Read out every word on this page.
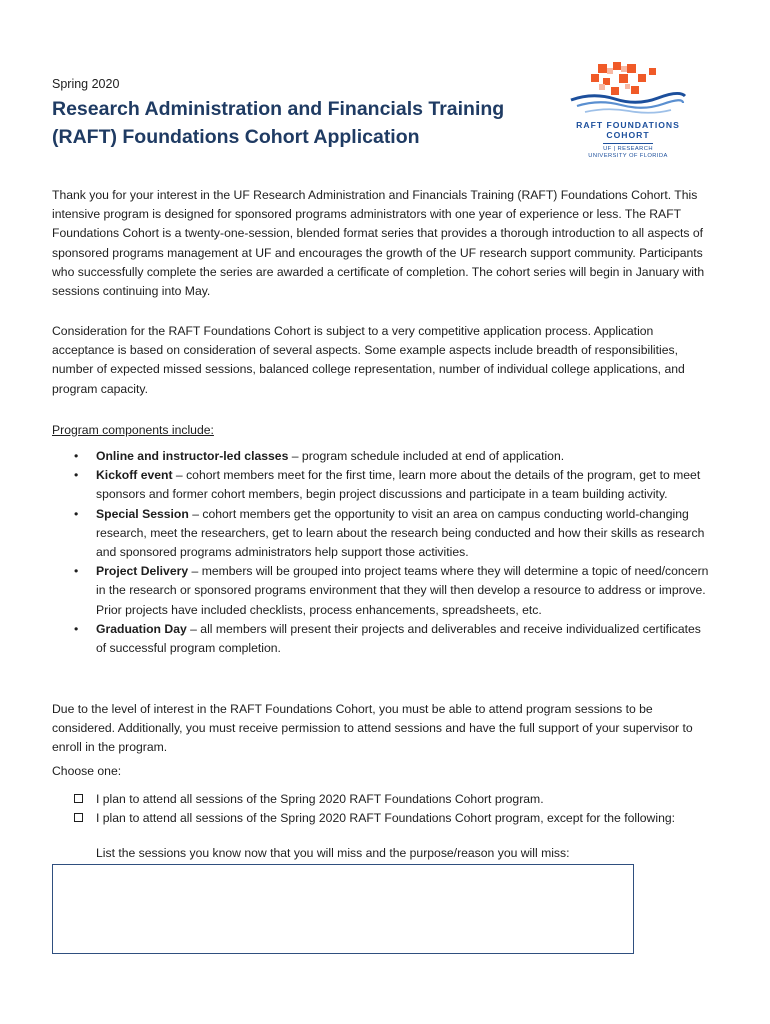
Spring 2020
Research Administration and Financials Training
(RAFT) Foundations Cohort Application
RAFT FOUNDATIONS
COHORT
UF | RESEARCH
UNIVERSITY OF FLORIDA

Thank you for your interest in the UF Research Administration and Financials Training (RAFT) Foundations Cohort. This intensive program is designed for sponsored programs administrators with one year of experience or less. The RAFT Foundations Cohort is a twenty-one-session, blended format series that provides a thorough introduction to all aspects of sponsored programs management at UF and encourages the growth of the UF research support community. Participants who successfully complete the series are awarded a certificate of completion. The cohort series will begin in January with sessions continuing into May.

Consideration for the RAFT Foundations Cohort is subject to a very competitive application process. Application acceptance is based on consideration of several aspects. Some example aspects include breadth of responsibilities, number of expected missed sessions, balanced college representation, number of individual college applications, and program capacity.

Program components include:
• Online and instructor-led classes – program schedule included at end of application.
• Kickoff event – cohort members meet for the first time, learn more about the details of the program, get to meet sponsors and former cohort members, begin project discussions and participate in a team building activity.
• Special Session – cohort members get the opportunity to visit an area on campus conducting world-changing research, meet the researchers, get to learn about the research being conducted and how their skills as research and sponsored programs administrators help support those activities.
• Project Delivery – members will be grouped into project teams where they will determine a topic of need/concern in the research or sponsored programs environment that they will then develop a resource to address or improve. Prior projects have included checklists, process enhancements, spreadsheets, etc.
• Graduation Day – all members will present their projects and deliverables and receive individualized certificates of successful program completion.

Due to the level of interest in the RAFT Foundations Cohort, you must be able to attend program sessions to be considered. Additionally, you must receive permission to attend sessions and have the full support of your supervisor to enroll in the program.

Choose one:
I plan to attend all sessions of the Spring 2020 RAFT Foundations Cohort program.
I plan to attend all sessions of the Spring 2020 RAFT Foundations Cohort program, except for the following:
List the sessions you know now that you will miss and the purpose/reason you will miss:
